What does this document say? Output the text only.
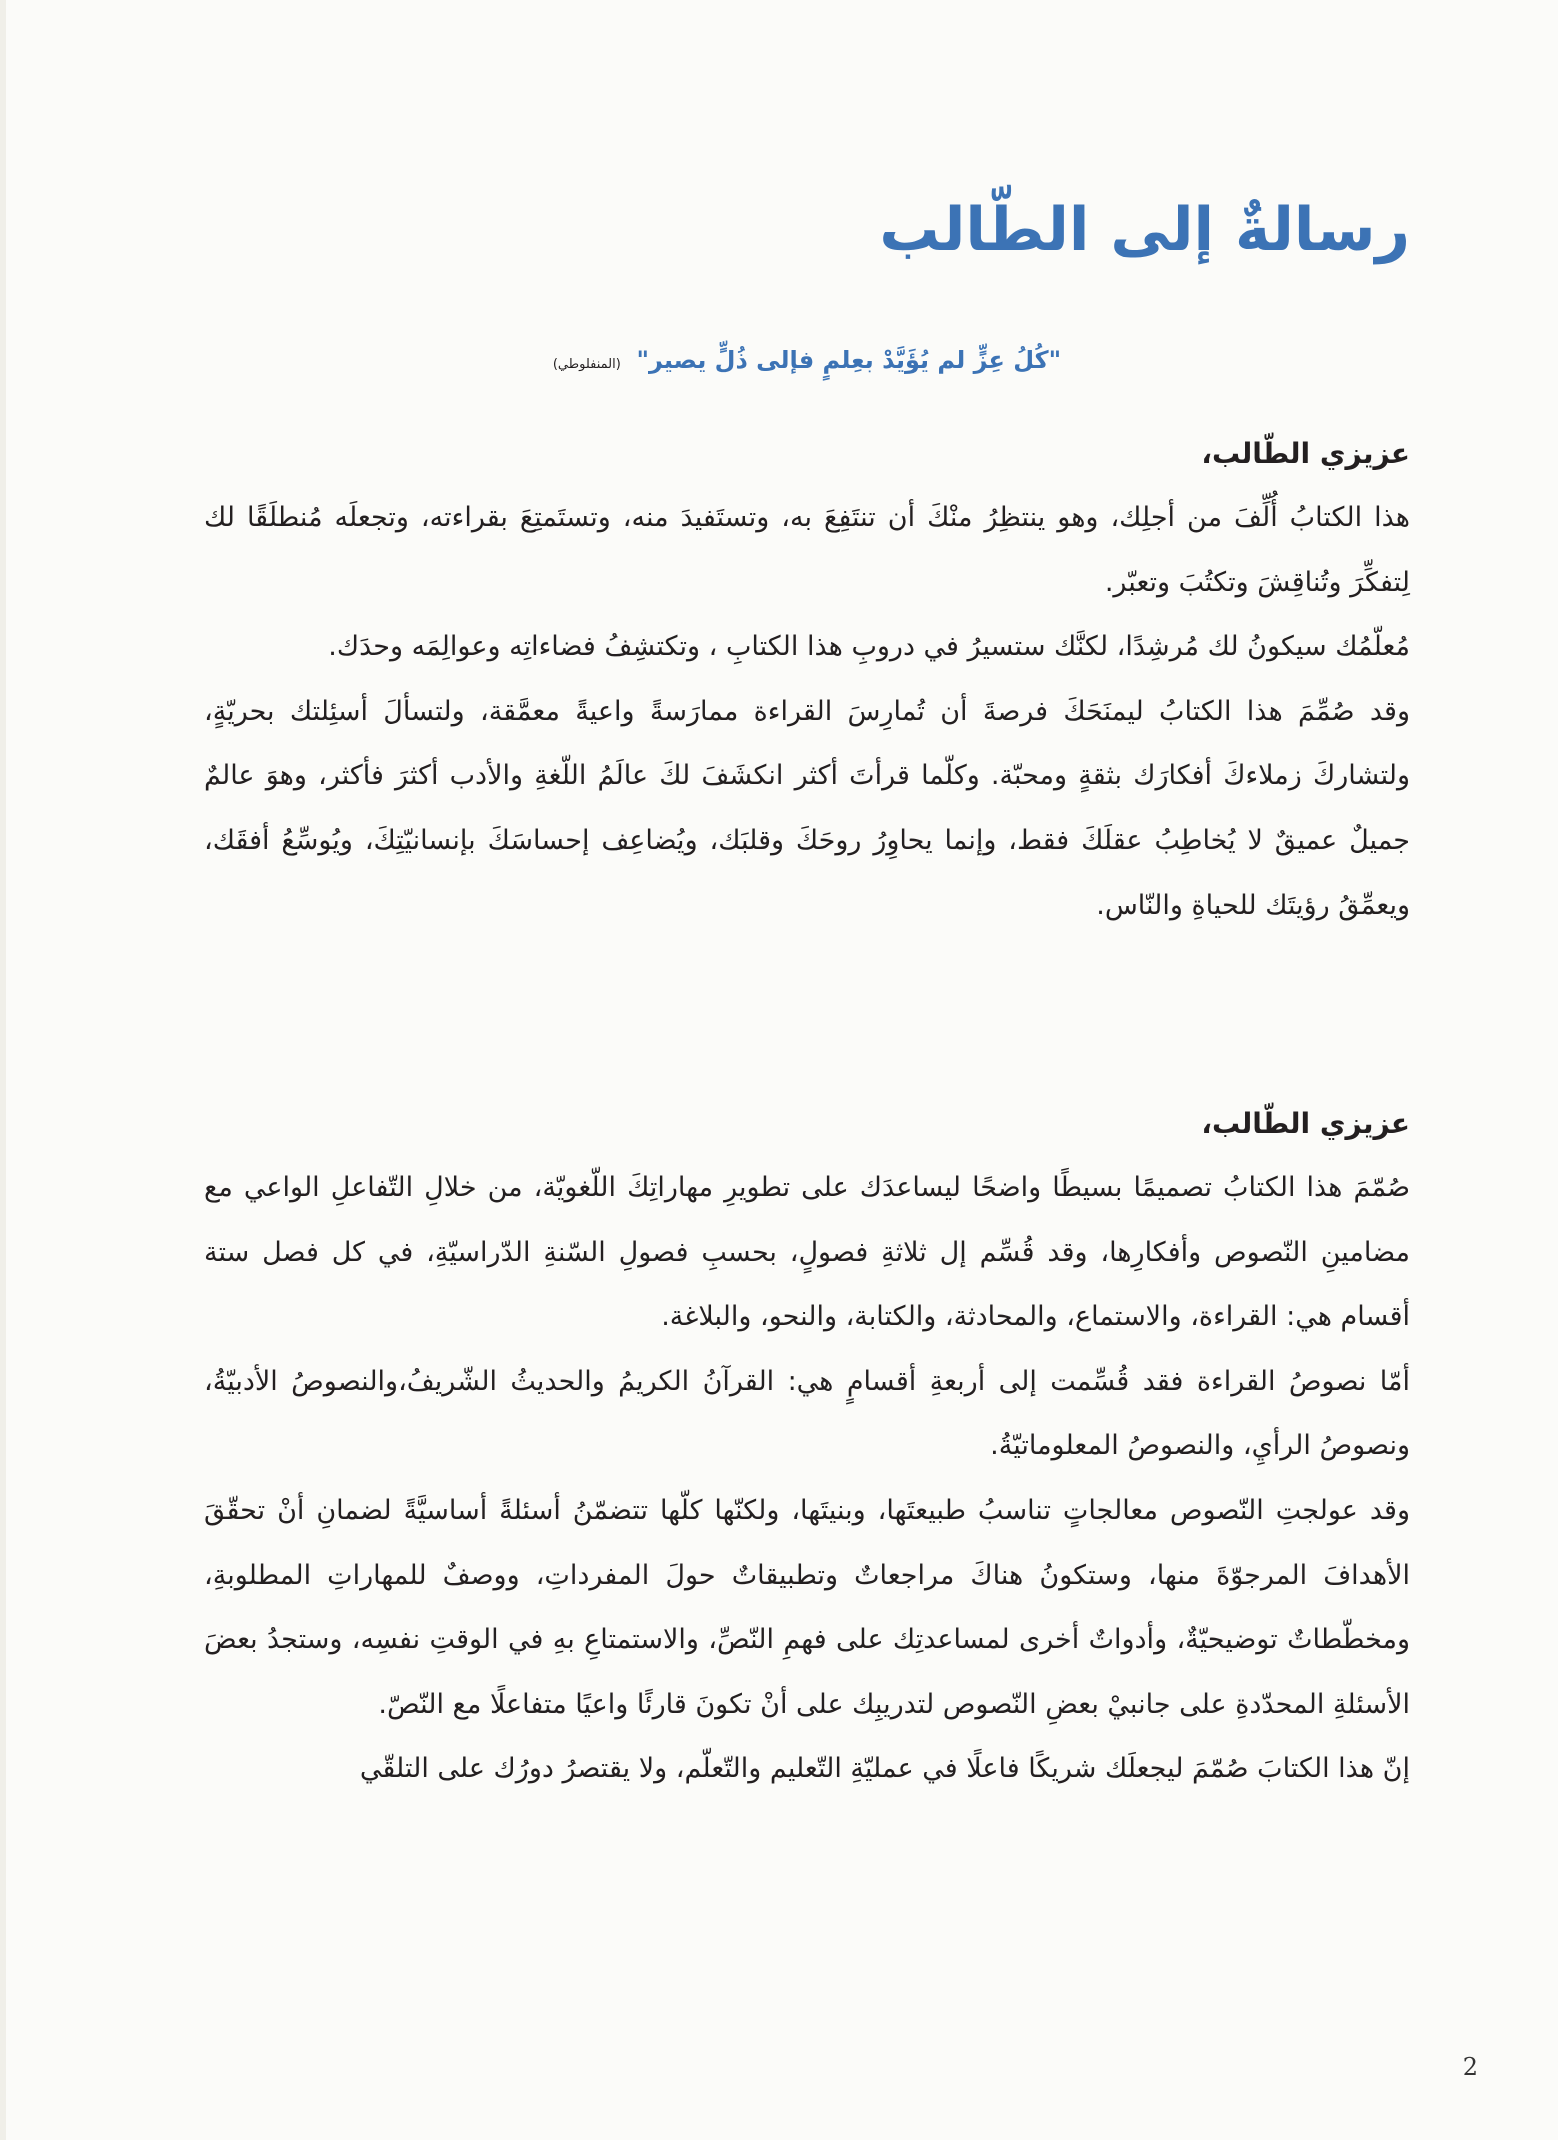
رسالةٌ إلى الطّالب
"كُلُ عِزٍّ لم يُؤَيَّدْ بعِلمٍ فإلى ذُلٍّ يصير" (المنفلوطي)

عزيزي الطّالب،

هذا الكتابُ أُلِّفَ من أجلِك، وهو ينتظِرُ منْكَ أن تنتَفِعَ به، وتستَفيدَ منه، وتستَمتِعَ بقراءته، وتجعلَه مُنطلَقًا لك لِتفكِّرَ وتُناقِشَ وتكتُبَ وتعبّر.

مُعلّمُك سيكونُ لك مُرشِدًا، لكنَّك ستسيرُ في دروبِ هذا الكتابِ ، وتكتشِفُ فضاءاتِه وعوالِمَه وحدَك.

وقد صُمِّمَ هذا الكتابُ ليمنَحَكَ فرصةَ أن تُمارِسَ القراءة ممارَسةً واعيةً معمَّقة، ولتسألَ أسئِلتك بحريّةٍ، ولتشاركَ زملاءكَ أفكارَك بثقةٍ ومحبّة. وكلّما قرأتَ أكثر انكشَفَ لكَ عالَمُ اللّغةِ والأدب أكثرَ فأكثر، وهوَ عالمٌ جميلٌ عميقٌ لا يُخاطِبُ عقلَكَ فقط، وإنما يحاوِرُ روحَكَ وقلبَك، ويُضاعِف إحساسَكَ بإنسانيّتِكَ، ويُوسِّعُ أفقَك، ويعمِّقُ رؤيتَك للحياةِ والنّاس.

عزيزي الطّالب،

صُمّمَ هذا الكتابُ تصميمًا بسيطًا واضحًا ليساعدَك على تطويرِ مهاراتِكَ اللّغويّة، من خلالِ التّفاعلِ الواعي مع مضامينِ النّصوص وأفكارِها، وقد قُسِّم إل ثلاثةِ فصولٍ، بحسبِ فصولِ السّنةِ الدّراسيّةِ، في كل فصل ستة أقسام هي: القراءة، والاستماع، والمحادثة، والكتابة، والنحو، والبلاغة.

أمّا نصوصُ القراءة فقد قُسِّمت إلى أربعةِ أقسامٍ هي: القرآنُ الكريمُ والحديثُ الشّريفُ،والنصوصُ الأدبيّةُ، ونصوصُ الرأيِ، والنصوصُ المعلوماتيّةُ.

وقد عولجتِ النّصوص معالجاتٍ تناسبُ طبيعتَها، وبنيتَها، ولكنّها كلّها تتضمّنُ أسئلةً أساسيَّةً لضمانِ أنْ تحقّقَ الأهدافَ المرجوّةَ منها، وستكونُ هناكَ مراجعاتٌ وتطبيقاتٌ حولَ المفرداتِ، ووصفٌ للمهاراتِ المطلوبةِ، ومخطّطاتٌ توضيحيّةٌ، وأدواتٌ أخرى لمساعدتِك على فهمِ النّصِّ، والاستمتاعِ بهِ في الوقتِ نفسِه، وستجدُ بعضَ الأسئلةِ المحدّدةِ على جانبيْ بعضِ النّصوص لتدريبِك على أنْ تكونَ قارئًا واعيًا متفاعلًا مع النّصّ.

إنّ هذا الكتابَ صُمّمَ ليجعلَك شريكًا فاعلًا في عمليّةِ التّعليم والتّعلّم، ولا يقتصرُ دورُك على التلقّي

2
